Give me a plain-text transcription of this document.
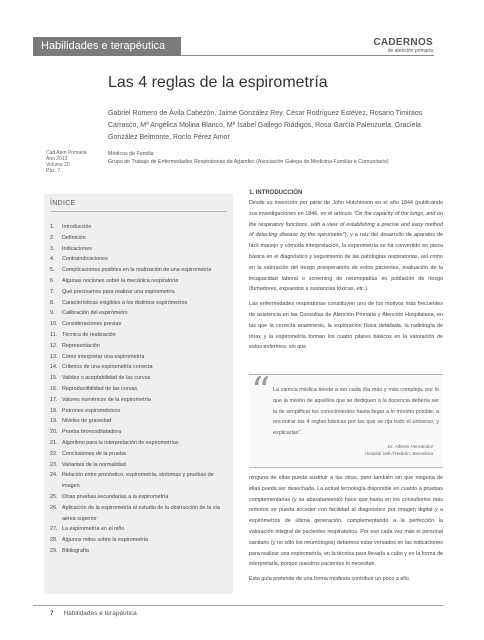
Habilidades e terapéutica	CADERNOS
de atención primaria
Las 4 reglas de la espirometría
Gabriel Romero de Ávila Cabezón, Jaime González Rey, César Rodríguez Estévez, Rosario Timiraos Carrasco, Mª Angélica Molina Blanco, Mª Isabel Gallego Riádigos, Rosa García Palenzuela, Graciela González Belmonte, Rocío Pérez Amor
Cad Aten Primaria
Ano 2013
Volume 20
Páx. 7
Médicos de Familia
Grupo de Trabajo de Enfermedades Respiratorias da Agamfec (Asociación Galega de Medicina Familiar e Comunitaria)
ÍNDICE
1.	Introducción
2.	Definición
3.	Indicaciones
4.	Contraindicaciones
5.	Complicaciones posibles en la realización de una espirometría
6.	Algunas nociones sobre la mecánica respiratoria
7.	Qué precisamos para realizar una espirometría
8.	Características exigibles a los distintos espirómetros
9.	Calibración del espirómetro
10. Consideraciones previas
11. Técnica de realización
12. Representación
13. Cómo interpretar una espirometría
14. Criterios de una espirometría correcta
15. Validez o aceptabilidad de las curvas
16. Reproductibilidad de las curvas
17. Valores numéricos de la espirometría
18. Patrones espirométricos
19. Niveles de gravedad
20. Prueba broncodilatadora
21. Algoritmo para la interpretación de espirometrías
22. Conclusiones de la prueba
23. Variantes de la normalidad
24. Relación entre pronóstico, espirometría, síntomas y pruebas de imagen
25. Otras pruebas secundarias a la espirometría
26. Aplicación de la espirometría al estudio de la obstrucción de la vía aérea superior
27. La espirometría en el niño
28. Algunos mitos sobre la espirometría
29. Bibliografía
1. INTRODUCCIÓN

Desde su invención por parte de John Hutchinson en el año 1844 (publicando sus investigaciones en 1846, en el artículo "On the capacity of the lungs, and on the respiratory functions, with a view of establishing a precise and easy method of detecting disease by the spirometer"), y a raíz del desarrollo de aparatos de fácil manejo y cómoda interpretación, la espirometría se ha convertido en pieza básica en el diagnóstico y seguimiento de las patologías respiratorias, así como en la valoración del riesgo preoperatorio de estos pacientes, evaluación de la incapacidad laboral o screening de neumopatías en población de riesgo (fumadores, expuestos a sustancias tóxicas, etc.).

Las enfermedades respiratorias constituyen uno de los motivos más frecuentes de asistencia en las Consultas de Atención Primaria y Atención Hospitalaria, en las que la correcta anamnesis, la exploración física detallada, la radiología de tórax y la espirometría forman los cuatro pilares básicos en la valoración de estos enfermos, sin que

“ La ciencia médica tiende a ser cada día más y más compleja, por lo que la misión de aquéllos que se dediquen a la docencia debería ser la de simplificar los conocimientos hasta llegar a lo mínimo posible, a encontrar las 4 reglas básicas por las que se rija todo el universo, y explicarlas".
Dr. Alberto Hernández
Hospital Vall d'Hebrón, Barcelona

ninguna de ellas pueda sustituir a las otras, pero también sin que ninguna de ellas pueda ser desechada. La actual tecnología disponible en cuanto a pruebas complementarias (y su abaratamiento) hace que hasta en los consultorios más remotos se pueda acceder con facilidad al diagnóstico por imagen digital y a espirómetros de última generación, complementando a la perfección la valoración integral de pacientes respiratorios. Por eso cada vez más el personal sanitario (y no sólo los neumólogos) debemos estar versados en las indicaciones para realizar una espirometría, en la técnica para llevarla a cabo y en la forma de interpretarla, porque nuestros pacientes lo necesitan.

Esta guía pretende de una forma modesta contribuir un poco a ello.

7 Habilidades e terapéutica
